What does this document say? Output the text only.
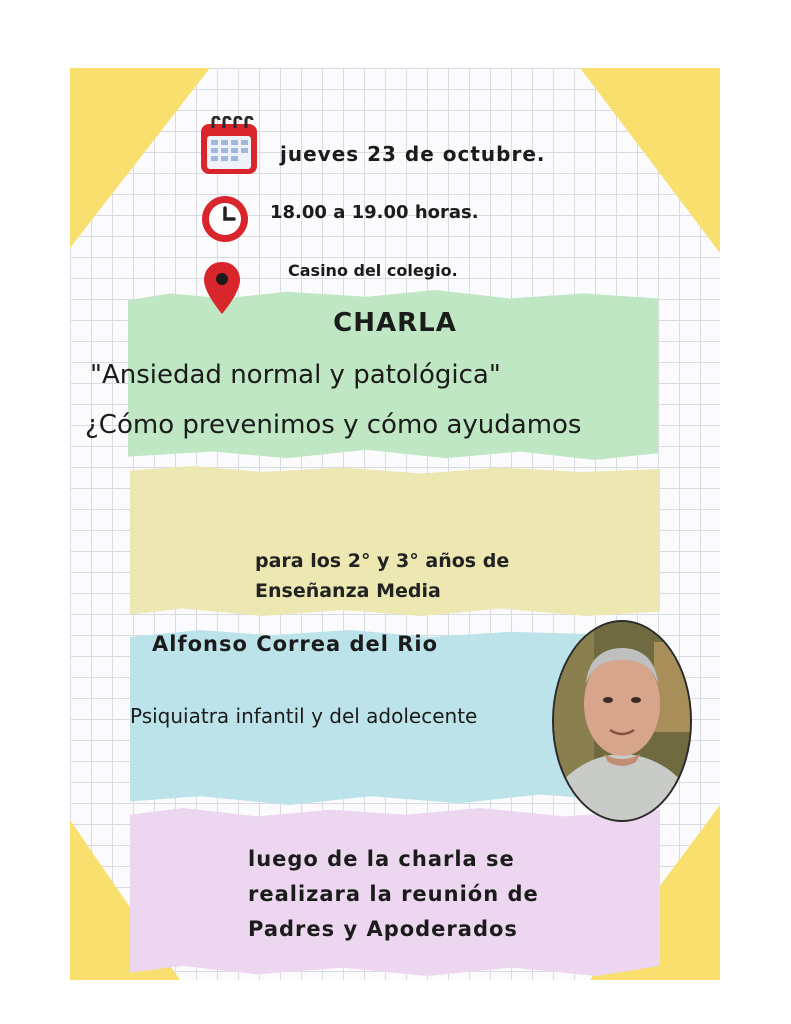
jueves 23 de octubre.
18.00 a 19.00 horas.
Casino del colegio.
CHARLA
"Ansiedad normal y patológica"
¿Cómo prevenimos y cómo ayudamos
para los 2° y 3° años de
Enseñanza Media
Alfonso Correa del Rio
Psiquiatra infantil y del adolecente
luego de la charla se
realizara la reunión de
Padres y Apoderados
